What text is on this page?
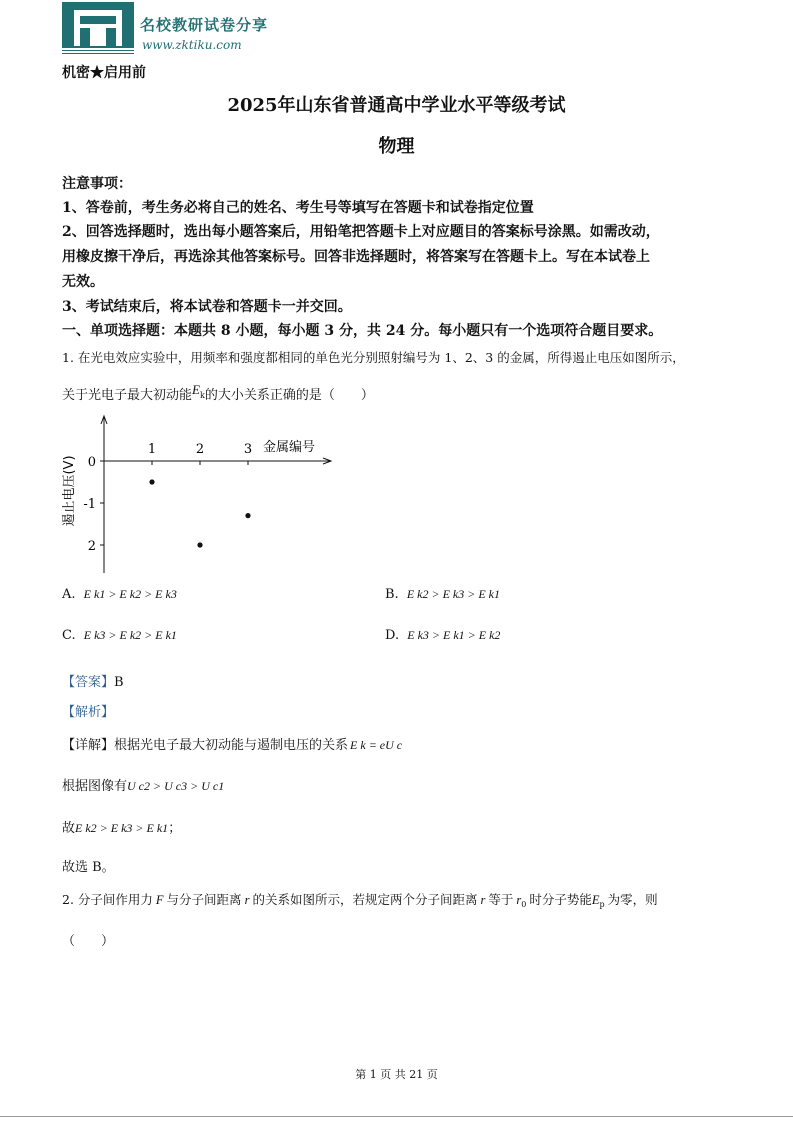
名校教研试卷分享
www.zktiku.com
机密★启用前
2025年山东省普通高中学业水平等级考试
物理
注意事项：
1、答卷前，考生务必将自己的姓名、考生号等填写在答题卡和试卷指定位置
2、回答选择题时，选出每小题答案后，用铅笔把答题卡上对应题目的答案标号涂黑。如需改动，
用橡皮擦干净后，再选涂其他答案标号。回答非选择题时，将答案写在答题卡上。写在本试卷上
无效。
3、考试结束后，将本试卷和答题卡一并交回。
一、单项选择题：本题共 8 小题，每小题 3 分，共 24 分。每小题只有一个选项符合题目要求。
1. 在光电效应实验中，用频率和强度都相同的单色光分别照射编号为 1、2、3 的金属，所得遏止电压如图所示，
关于光电子最大初动能Ek的大小关系正确的是（　　）
1	2	3
0
-1
2
金属编号
遏止电压(V)
A. E k1 > E k2 > E k3	B. E k2 > E k3 > E k1
C. E k3 > E k2 > E k1	D. E k3 > E k1 > E k2
【答案】B
【解析】
【详解】根据光电子最大初动能与遏制电压的关系 E k = eU c
根据图像有U c2 > U c3 > U c1
故E k2 > E k3 > E k1；
故选 B。
2. 分子间作用力 F 与分子间距离 r 的关系如图所示，若规定两个分子间距离 r 等于 $r_0$ 时分子势能$E_p$ 为零，则
（　　）
第 1 页 共 21 页
